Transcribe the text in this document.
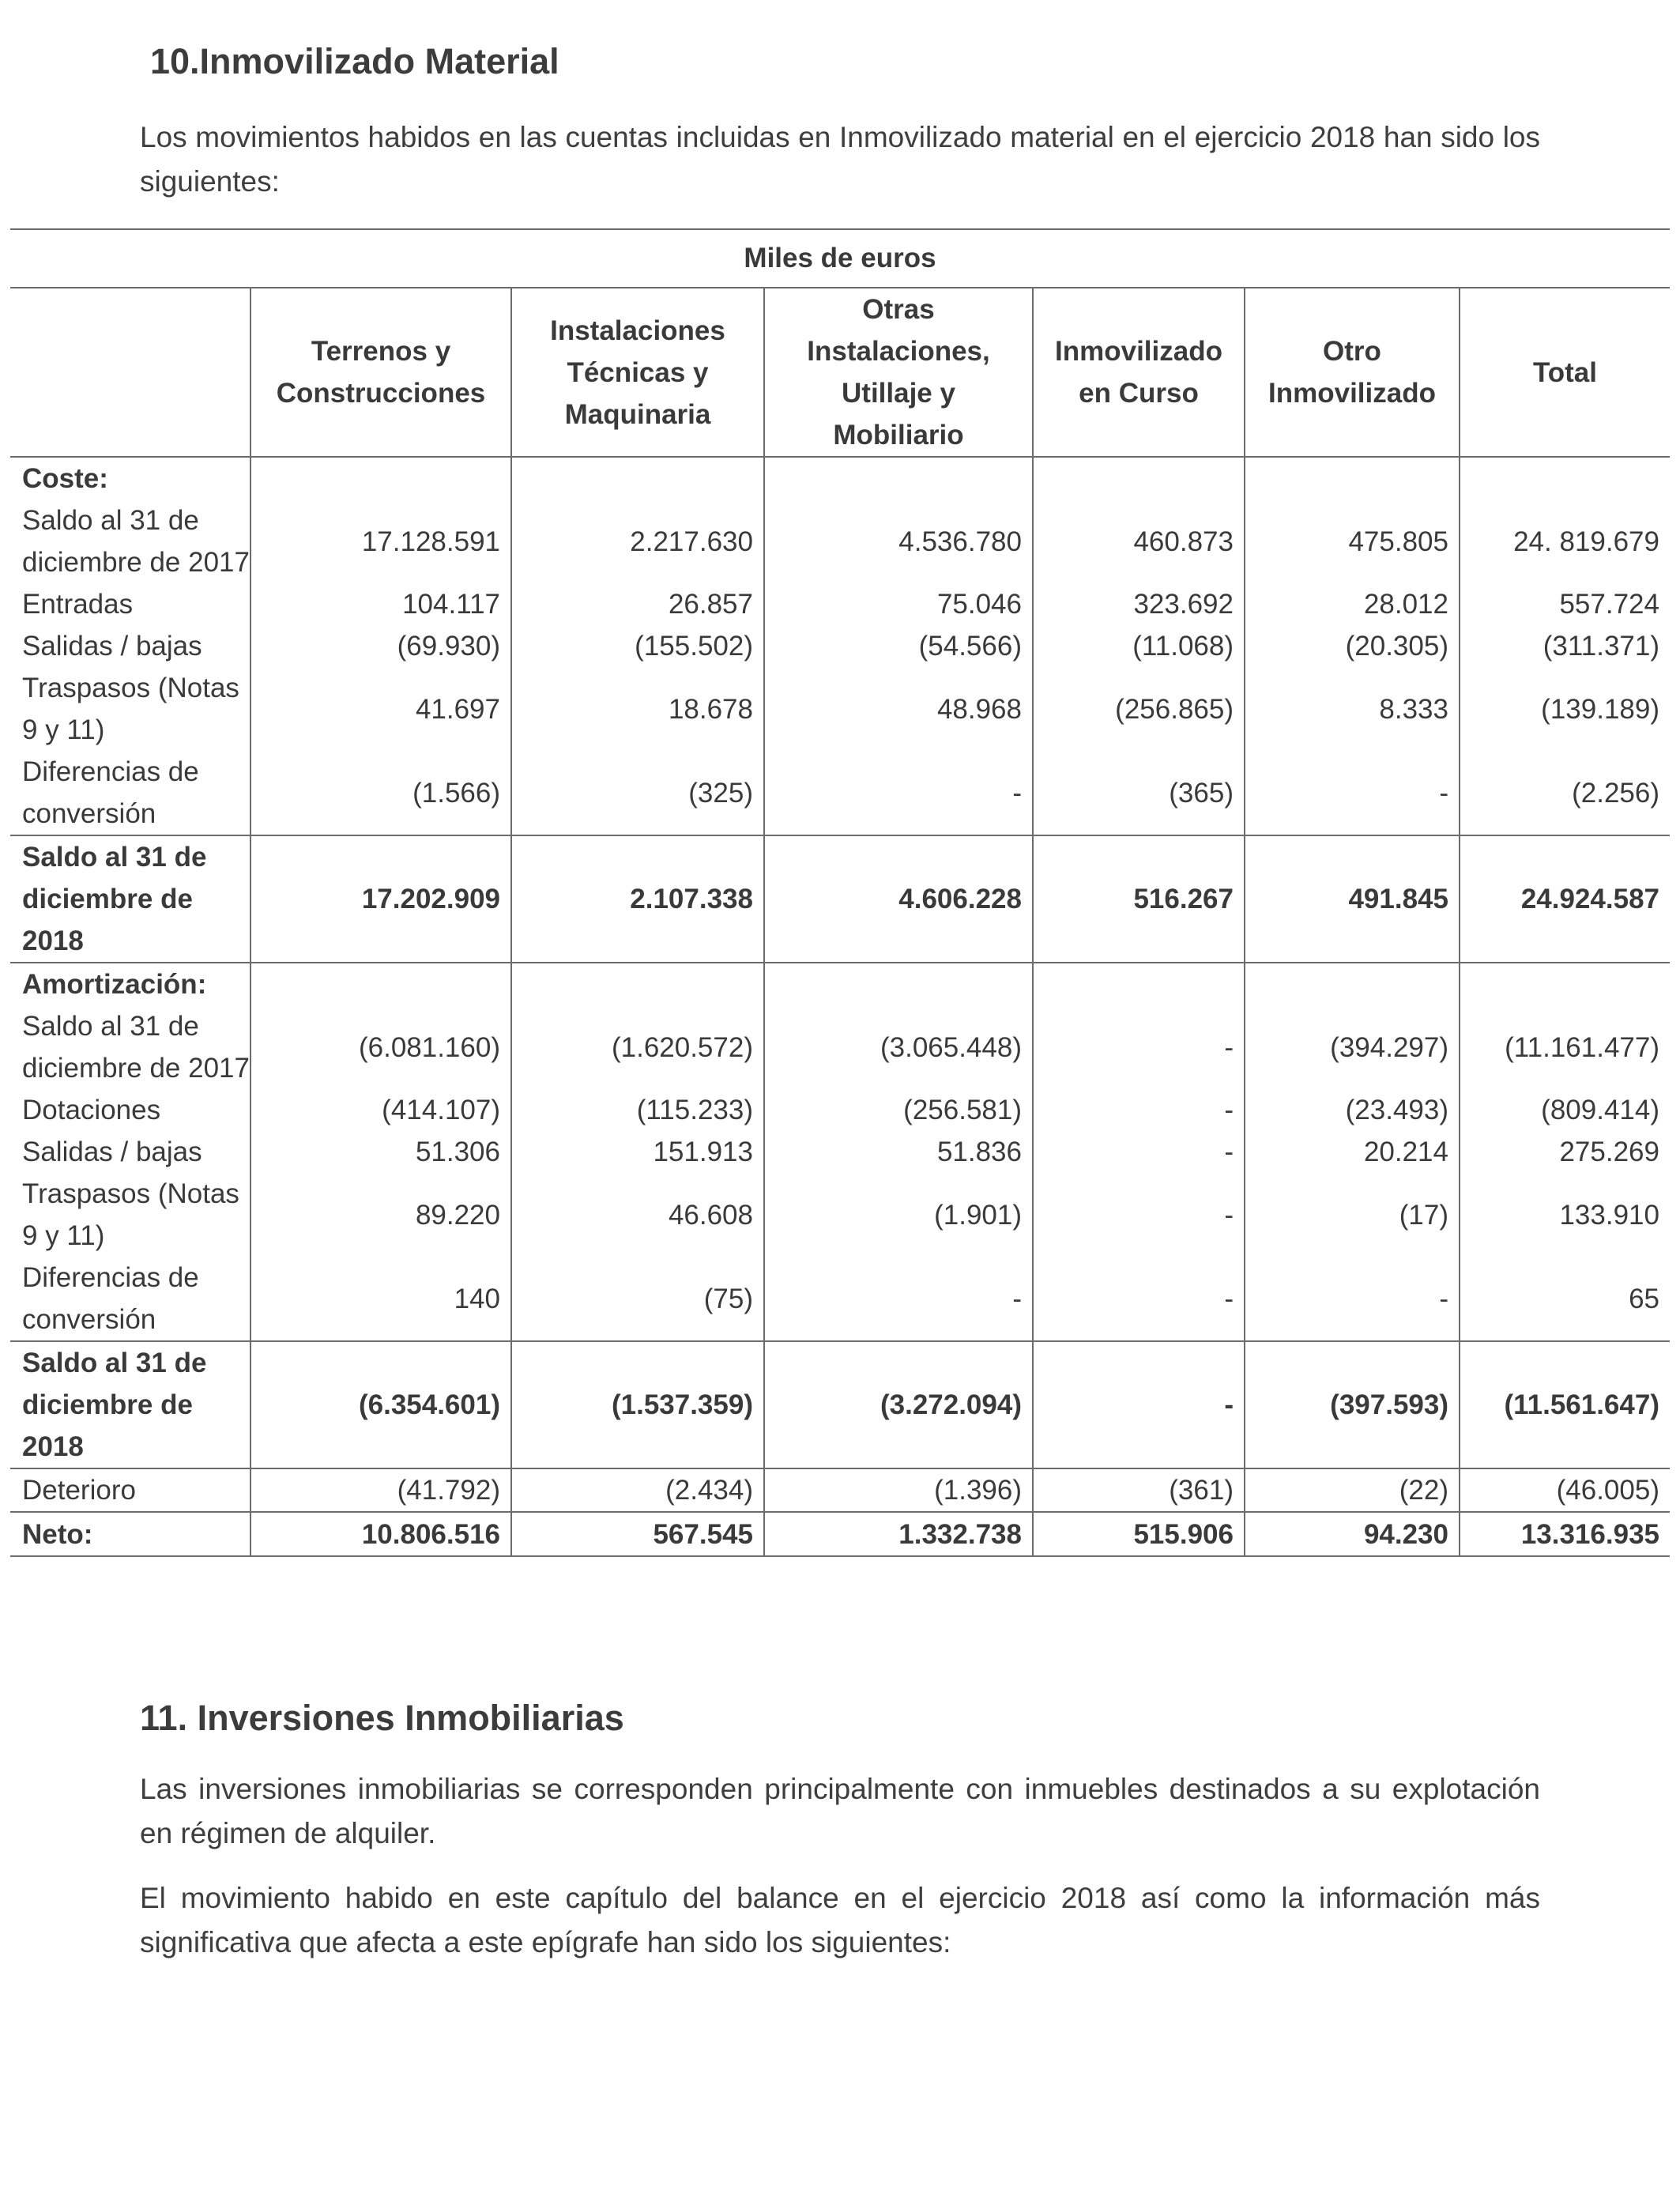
10.Inmovilizado Material

Los movimientos habidos en las cuentas incluidas en Inmovilizado material en el ejercicio 2018 han sido los siguientes:

Miles de euros						
	Terrenos y Construcciones	Instalaciones Técnicas y Maquinaria	Otras Instalaciones, Utillaje y Mobiliario	Inmovilizado en Curso	Otro Inmovilizado	Total
Coste:						
Saldo al 31 de diciembre de 2017	17.128.591	2.217.630	4.536.780	460.873	475.805	24. 819.679
Entradas	104.117	26.857	75.046	323.692	28.012	557.724
Salidas / bajas	(69.930)	(155.502)	(54.566)	(11.068)	(20.305)	(311.371)
Traspasos (Notas 9 y 11)	41.697	18.678	48.968	(256.865)	8.333	(139.189)
Diferencias de conversión	(1.566)	(325)	-	(365)	-	(2.256)
Saldo al 31 de diciembre de 2018	17.202.909	2.107.338	4.606.228	516.267	491.845	24.924.587
Amortización:						
Saldo al 31 de diciembre de 2017	(6.081.160)	(1.620.572)	(3.065.448)	-	(394.297)	(11.161.477)
Dotaciones	(414.107)	(115.233)	(256.581)	-	(23.493)	(809.414)
Salidas / bajas	51.306	151.913	51.836	-	20.214	275.269
Traspasos (Notas 9 y 11)	89.220	46.608	(1.901)	-	(17)	133.910
Diferencias de conversión	140	(75)	-	-	-	65
Saldo al 31 de diciembre de 2018	(6.354.601)	(1.537.359)	(3.272.094)	-	(397.593)	(11.561.647)
Deterioro	(41.792)	(2.434)	(1.396)	(361)	(22)	(46.005)
Neto:	10.806.516	567.545	1.332.738	515.906	94.230	13.316.935
11. Inversiones Inmobiliarias

Las inversiones inmobiliarias se corresponden principalmente con inmuebles destinados a su explotación en régimen de alquiler.

El movimiento habido en este capítulo del balance en el ejercicio 2018 así como la información más significativa que afecta a este epígrafe han sido los siguientes:
